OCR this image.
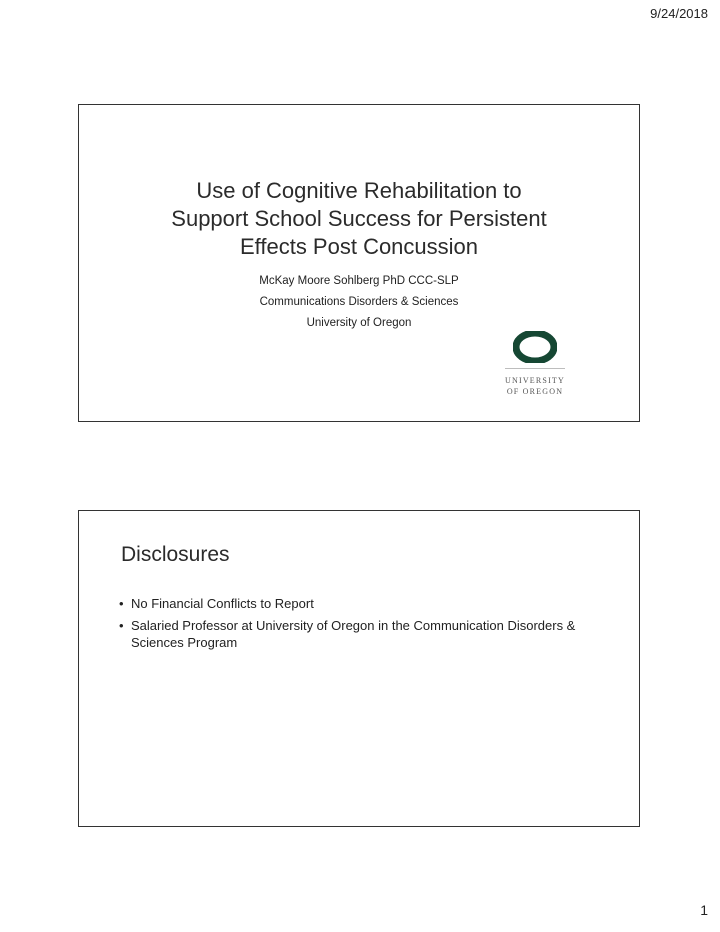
9/24/2018
Use of Cognitive Rehabilitation to
Support School Success for Persistent
Effects Post Concussion
McKay Moore Sohlberg PhD CCC-SLP
Communications Disorders & Sciences
University of Oregon
UNIVERSITY
OF OREGON
Disclosures
• No Financial Conflicts to Report
• Salaried Professor at University of Oregon in the Communication Disorders & Sciences Program
1
